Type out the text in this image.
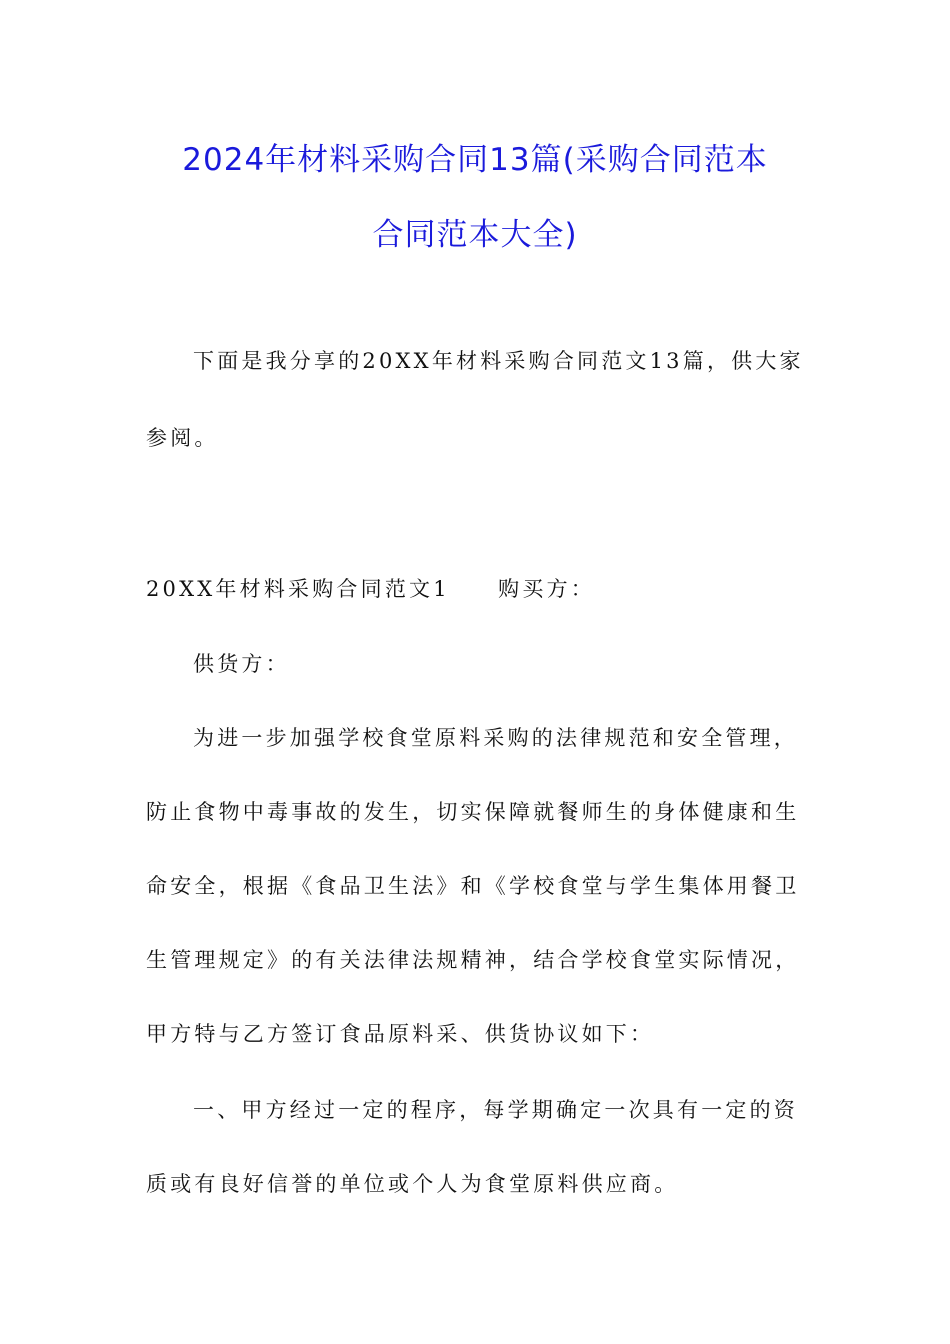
2024年材料采购合同13篇(采购合同范本
合同范本大全)
下面是我分享的20XX年材料采购合同范文13篇，供大家
参阅。
20XX年材料采购合同范文1　　购买方：
供货方：
为进一步加强学校食堂原料采购的法律规范和安全管理，
防止食物中毒事故的发生，切实保障就餐师生的身体健康和生
命安全，根据《食品卫生法》和《学校食堂与学生集体用餐卫
生管理规定》的有关法律法规精神，结合学校食堂实际情况，
甲方特与乙方签订食品原料采、供货协议如下：
一、甲方经过一定的程序，每学期确定一次具有一定的资
质或有良好信誉的单位或个人为食堂原料供应商。
